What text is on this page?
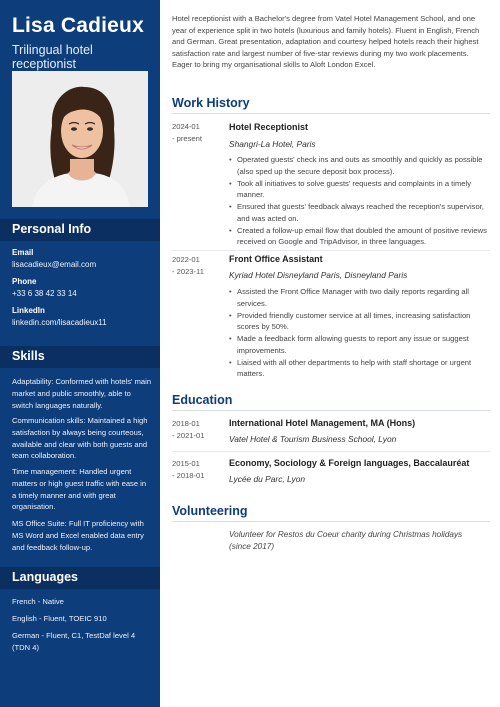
Lisa Cadieux
Trilingual hotel receptionist
Personal Info
Email
lisacadieux@email.com
Phone
+33 6 38 42 33 14
LinkedIn
linkedin.com/lisacadieux11
Skills
Adaptability: Conformed with hotels' main market and public smoothly, able to switch languages naturally.
Communication skills: Maintained a high satisfaction by always being courteous, available and clear with both guests and team collaboration.
Time management: Handled urgent matters or high guest traffic with ease in a timely manner and with great organisation.
MS Office Suite: Full IT proficiency with MS Word and Excel enabled data entry and feedback follow-up.
Languages
French - Native
English - Fluent, TOEIC 910
German - Fluent, C1, TestDaf level 4 (TDN 4)
Hotel receptionist with a Bachelor's degree from Vatel Hotel Management School, and one year of experience split in two hotels (luxurious and family hotels). Fluent in English, French and German. Great presentation, adaptation and courtesy helped hotels reach their highest satisfaction rate and largest number of five-star reviews during my two work placements. Eager to bring my organisational skills to Aloft London Excel.
Work History
2024-01
- present
Hotel Receptionist
Shangri-La Hotel, Paris
• Operated guests' check ins and outs as smoothly and quickly as possible (also sped up the secure deposit box process).
• Took all initiatives to solve guests' requests and complaints in a timely manner.
• Ensured that guests' feedback always reached the reception's supervisor, and was acted on.
• Created a follow-up email flow that doubled the amount of positive reviews received on Google and TripAdvisor, in three languages.
2022-01
- 2023-11
Front Office Assistant
Kyriad Hotel Disneyland Paris, Disneyland Paris
• Assisted the Front Office Manager with two daily reports regarding all services.
• Provided friendly customer service at all times, increasing satisfaction scores by 50%.
• Made a feedback form allowing guests to report any issue or suggest improvements.
• Liaised with all other departments to help with staff shortage or urgent matters.
Education
2018-01
- 2021-01
International Hotel Management, MA (Hons)
Vatel Hotel & Tourism Business School, Lyon
2015-01
- 2018-01
Economy, Sociology & Foreign languages, Baccalauréat
Lycée du Parc, Lyon
Volunteering
Volunteer for Restos du Coeur charity during Christmas holidays (since 2017)
